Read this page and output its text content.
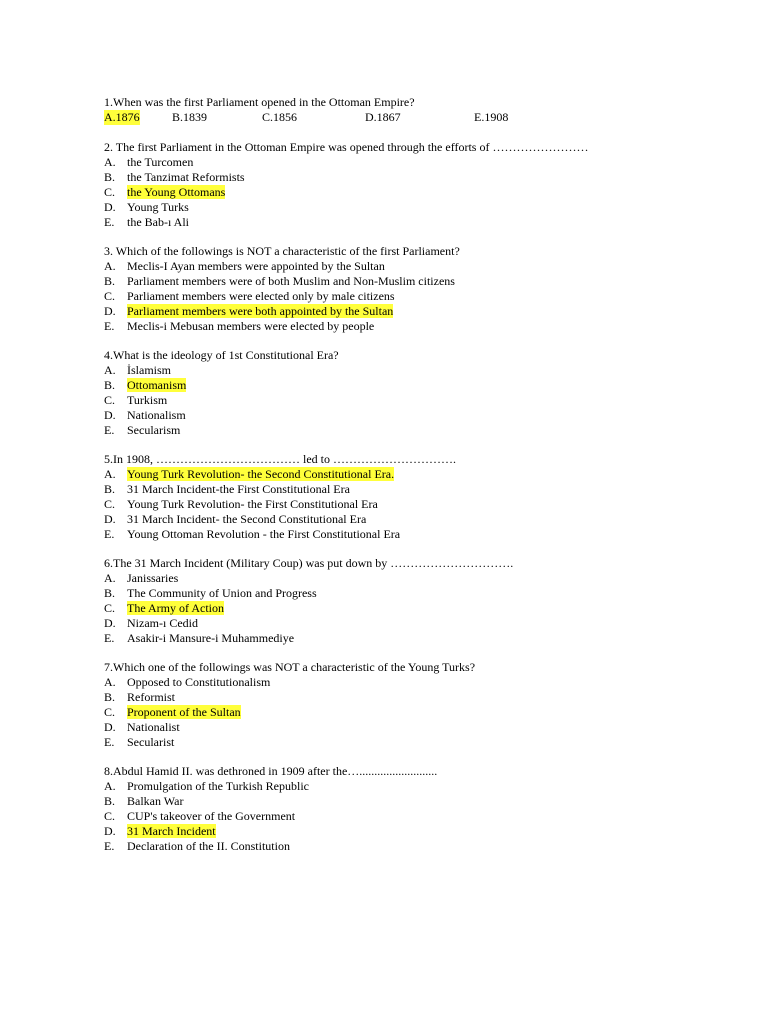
1.When was the first Parliament opened in the Ottoman Empire?
A.1876	B.1839	C.1856	D.1867	E.1908
2. The first Parliament in the Ottoman Empire was opened through the efforts of ……………………
A. the Turcomen
B. the Tanzimat Reformists
C. the Young Ottomans
D. Young Turks
E. the Bab-ı Ali
3. Which of the followings is NOT a characteristic of the first Parliament?
A. Meclis-I Ayan members were appointed by the Sultan
B. Parliament members were of both Muslim and Non-Muslim citizens
C. Parliament members were elected only by male citizens
D. Parliament members were both appointed by the Sultan
E. Meclis-i Mebusan members were elected by people
4.What is the ideology of 1st Constitutional Era?
A. İslamism
B. Ottomanism
C. Turkism
D. Nationalism
E. Secularism
5.In 1908, ……………………………… led to ………………………….
A. Young Turk Revolution- the Second Constitutional Era.
B. 31 March Incident-the First Constitutional Era
C. Young Turk Revolution- the First Constitutional Era
D. 31 March Incident- the Second Constitutional Era
E. Young Ottoman Revolution - the First Constitutional Era
6.The 31 March Incident (Military Coup) was put down by ………………………….
A. Janissaries
B. The Community of Union and Progress
C. The Army of Action
D. Nizam-ı Cedid
E. Asakir-i Mansure-i Muhammediye
7.Which one of the followings was NOT a characteristic of the Young Turks?
A. Opposed to Constitutionalism
B. Reformist
C. Proponent of the Sultan
D. Nationalist
E. Secularist
8.Abdul Hamid II. was dethroned in 1909 after the…..........................
A. Promulgation of the Turkish Republic
B. Balkan War
C. CUP's takeover of the Government
D. 31 March Incident
E. Declaration of the II. Constitution
